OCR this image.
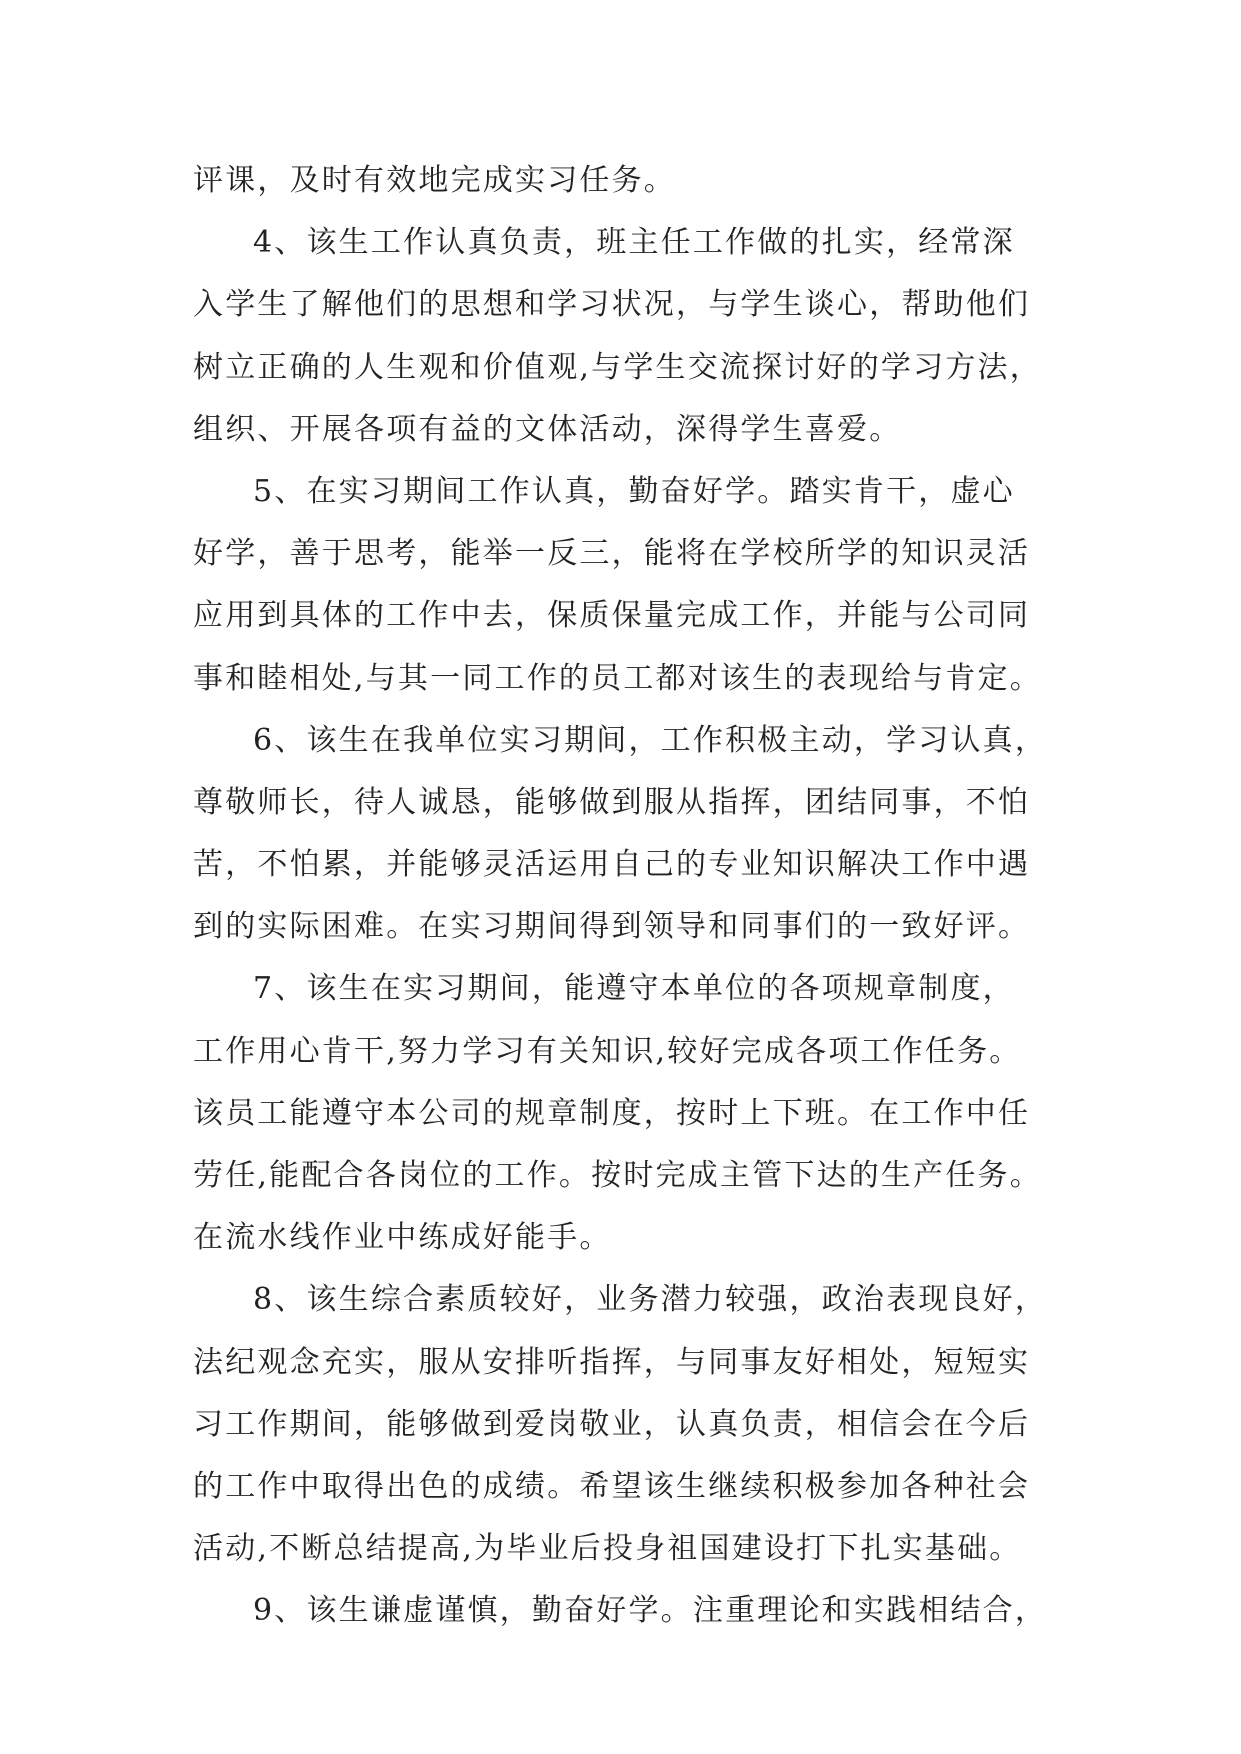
评课，及时有效地完成实习任务。
4、该生工作认真负责，班主任工作做的扎实，经常深
入学生了解他们的思想和学习状况，与学生谈心，帮助他们
树立正确的人生观和价值观,与学生交流探讨好的学习方法，
组织、开展各项有益的文体活动，深得学生喜爱。
5、在实习期间工作认真，勤奋好学。踏实肯干，虚心
好学，善于思考，能举一反三，能将在学校所学的知识灵活
应用到具体的工作中去，保质保量完成工作，并能与公司同
事和睦相处,与其一同工作的员工都对该生的表现给与肯定。
6、该生在我单位实习期间，工作积极主动，学习认真，
尊敬师长，待人诚恳，能够做到服从指挥，团结同事，不怕
苦，不怕累，并能够灵活运用自己的专业知识解决工作中遇
到的实际困难。在实习期间得到领导和同事们的一致好评。
7、该生在实习期间，能遵守本单位的各项规章制度，
工作用心肯干,努力学习有关知识,较好完成各项工作任务。
该员工能遵守本公司的规章制度，按时上下班。在工作中任
劳任,能配合各岗位的工作。按时完成主管下达的生产任务。
在流水线作业中练成好能手。
8、该生综合素质较好，业务潜力较强，政治表现良好，
法纪观念充实，服从安排听指挥，与同事友好相处，短短实
习工作期间，能够做到爱岗敬业，认真负责，相信会在今后
的工作中取得出色的成绩。希望该生继续积极参加各种社会
活动,不断总结提高,为毕业后投身祖国建设打下扎实基础。
9、该生谦虚谨慎，勤奋好学。注重理论和实践相结合，
